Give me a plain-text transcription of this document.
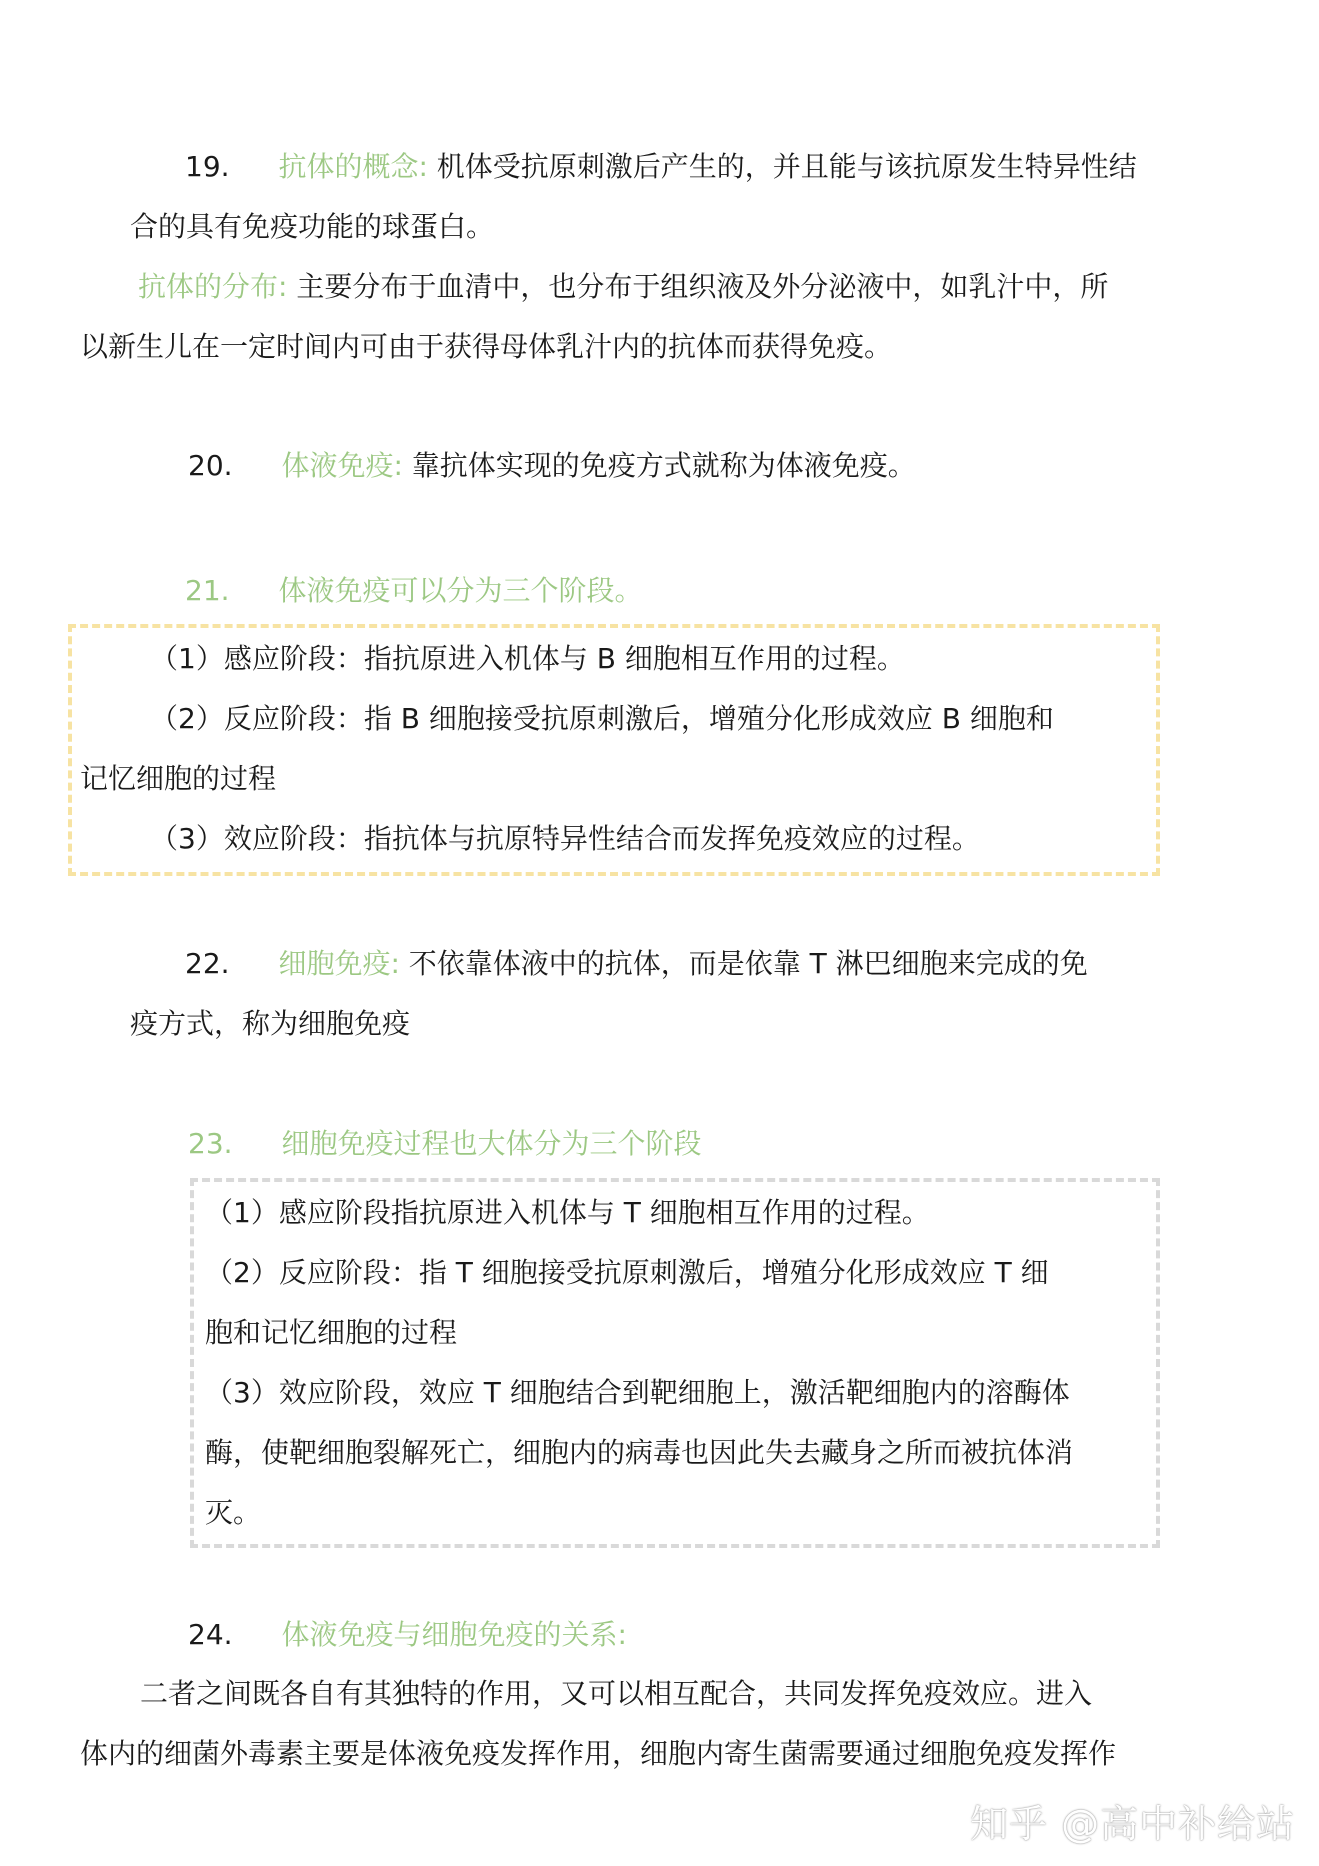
19. 抗体的概念: 机体受抗原刺激后产生的，并且能与该抗原发生特异性结
合的具有免疫功能的球蛋白。
抗体的分布: 主要分布于血清中，也分布于组织液及外分泌液中，如乳汁中，所
以新生儿在一定时间内可由于获得母体乳汁内的抗体而获得免疫。
20. 体液免疫: 靠抗体实现的免疫方式就称为体液免疫。
21. 体液免疫可以分为三个阶段。
（1）感应阶段：指抗原进入机体与 B 细胞相互作用的过程。
（2）反应阶段：指 B 细胞接受抗原刺激后，增殖分化形成效应 B 细胞和
记忆细胞的过程
（3）效应阶段：指抗体与抗原特异性结合而发挥免疫效应的过程。
22. 细胞免疫: 不依靠体液中的抗体，而是依靠 T 淋巴细胞来完成的免
疫方式，称为细胞免疫
23. 细胞免疫过程也大体分为三个阶段
（1）感应阶段指抗原进入机体与 T 细胞相互作用的过程。
（2）反应阶段：指 T 细胞接受抗原刺激后，增殖分化形成效应 T 细
胞和记忆细胞的过程
（3）效应阶段，效应 T 细胞结合到靶细胞上，激活靶细胞内的溶酶体
酶，使靶细胞裂解死亡，细胞内的病毒也因此失去藏身之所而被抗体消
灭。
24. 体液免疫与细胞免疫的关系:
二者之间既各自有其独特的作用，又可以相互配合，共同发挥免疫效应。进入
体内的细菌外毒素主要是体液免疫发挥作用，细胞内寄生菌需要通过细胞免疫发挥作
知乎 @高中补给站
